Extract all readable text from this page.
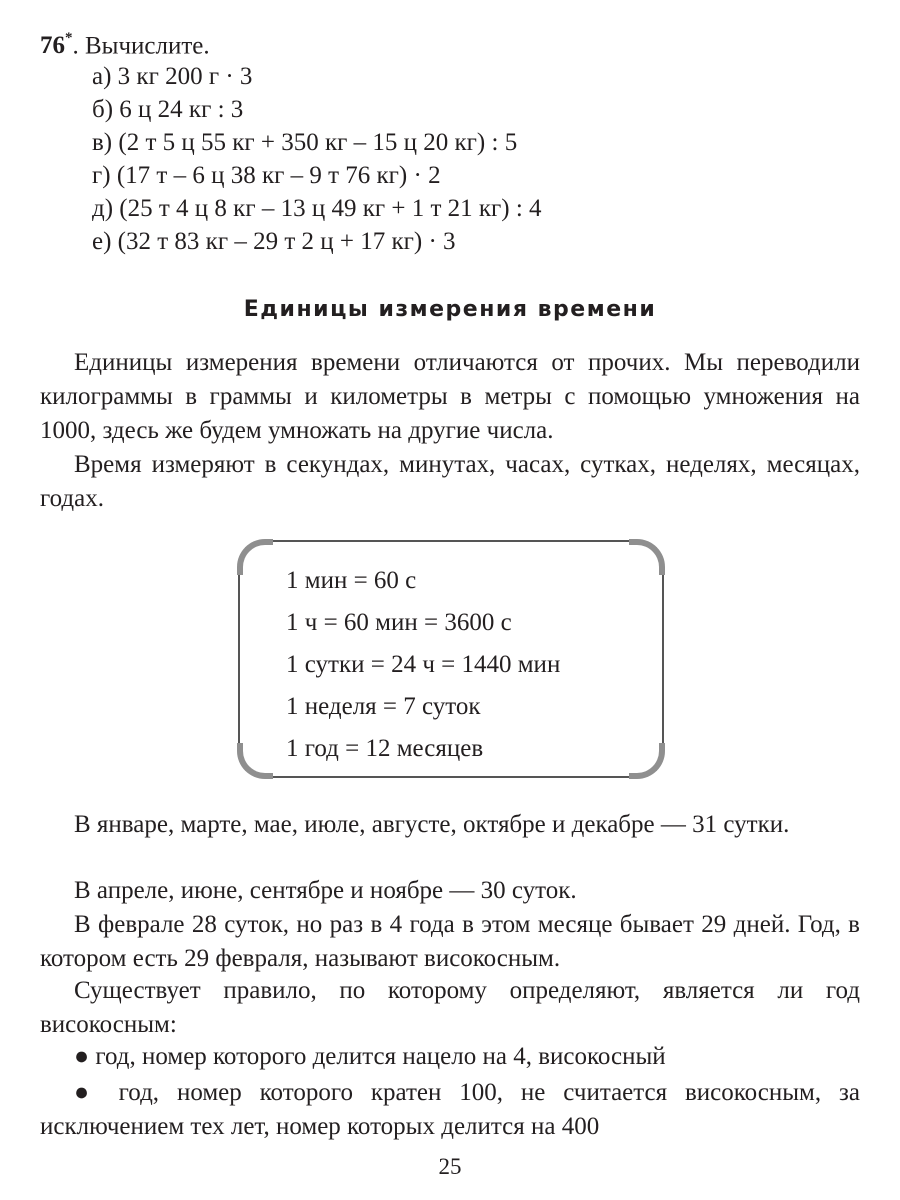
76*. Вычислите.
а) 3 кг 200 г · 3
б) 6 ц 24 кг : 3
в) (2 т 5 ц 55 кг + 350 кг – 15 ц 20 кг) : 5
г) (17 т – 6 ц 38 кг – 9 т 76 кг) · 2
д) (25 т 4 ц 8 кг – 13 ц 49 кг + 1 т 21 кг) : 4
е) (32 т 83 кг – 29 т 2 ц + 17 кг) · 3
Единицы измерения времени
Единицы измерения времени отличаются от прочих. Мы переводили килограммы в граммы и километры в метры с помощью умножения на 1000, здесь же будем умножать на другие числа.
Время измеряют в секундах, минутах, часах, сутках, неделях, месяцах, годах.
1 мин = 60 с
1 ч = 60 мин = 3600 с
1 сутки = 24 ч = 1440 мин
1 неделя = 7 суток
1 год = 12 месяцев
В январе, марте, мае, июле, августе, октябре и декабре — 31 сутки.
В апреле, июне, сентябре и ноябре — 30 суток.
В феврале 28 суток, но раз в 4 года в этом месяце бывает 29 дней. Год, в котором есть 29 февраля, называют високосным.
Существует правило, по которому определяют, является ли год високосным:
● год, номер которого делится нацело на 4, високосный
● год, номер которого кратен 100, не считается високосным, за исключением тех лет, номер которых делится на 400
25
